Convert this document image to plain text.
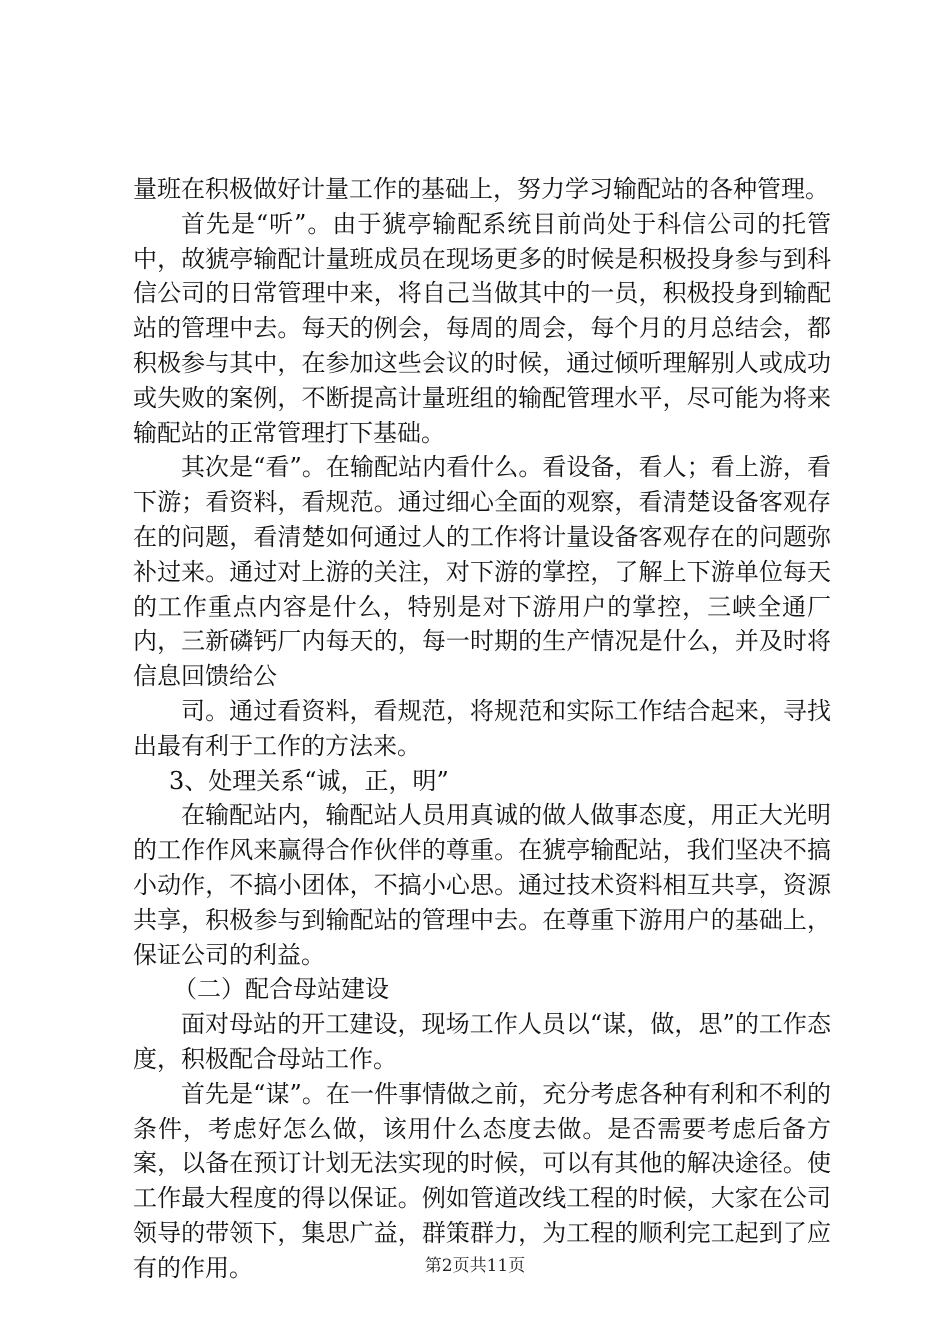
量班在积极做好计量工作的基础上，努力学习输配站的各种管理。

首先是“听”。由于猇亭输配系统目前尚处于科信公司的托管中，故猇亭输配计量班成员在现场更多的时候是积极投身参与到科信公司的日常管理中来，将自己当做其中的一员，积极投身到输配站的管理中去。每天的例会，每周的周会，每个月的月总结会，都积极参与其中，在参加这些会议的时候，通过倾听理解别人或成功或失败的案例，不断提高计量班组的输配管理水平，尽可能为将来输配站的正常管理打下基础。

其次是“看”。在输配站内看什么。看设备，看人；看上游，看下游；看资料，看规范。通过细心全面的观察，看清楚设备客观存在的问题，看清楚如何通过人的工作将计量设备客观存在的问题弥补过来。通过对上游的关注，对下游的掌控，了解上下游单位每天的工作重点内容是什么，特别是对下游用户的掌控，三峡全通厂内，三新磷钙厂内每天的，每一时期的生产情况是什么，并及时将信息回馈给公

司。通过看资料，看规范，将规范和实际工作结合起来，寻找出最有利于工作的方法来。

3、处理关系“诚，正，明”

在输配站内，输配站人员用真诚的做人做事态度，用正大光明的工作作风来赢得合作伙伴的尊重。在猇亭输配站，我们坚决不搞小动作，不搞小团体，不搞小心思。通过技术资料相互共享，资源共享，积极参与到输配站的管理中去。在尊重下游用户的基础上，保证公司的利益。

（二）配合母站建设

面对母站的开工建设，现场工作人员以“谋，做，思”的工作态度，积极配合母站工作。

首先是“谋”。在一件事情做之前，充分考虑各种有利和不利的条件，考虑好怎么做，该用什么态度去做。是否需要考虑后备方案，以备在预订计划无法实现的时候，可以有其他的解决途径。使工作最大程度的得以保证。例如管道改线工程的时候，大家在公司领导的带领下，集思广益，群策群力，为工程的顺利完工起到了应有的作用。	第2页共11页
